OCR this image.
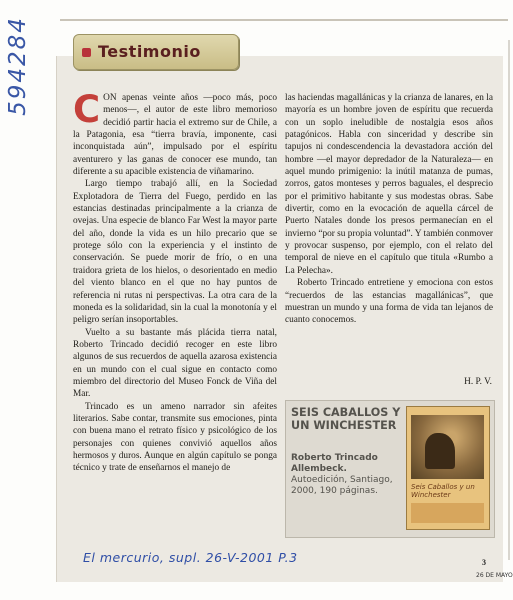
594284	Testimonio

CON apenas veinte años —poco más, poco menos—, el autor de este libro memorioso decidió partir hacia el extremo sur de Chile, a la Patagonia, esa “tierra bravía, imponente, casi inconquistada aún”, impulsado por el espíritu aventurero y las ganas de conocer ese mundo, tan diferente a su apacible existencia de viñamarino.

Largo tiempo trabajó allí, en la Sociedad Explotadora de Tierra del Fuego, perdido en las estancias destinadas principalmente a la crianza de ovejas. Una especie de blanco Far West la mayor parte del año, donde la vida es un hilo precario que se protege sólo con la experiencia y el instinto de conservación. Se puede morir de frío, o en una traidora grieta de los hielos, o desorientado en medio del viento blanco en el que no hay puntos de referencia ni rutas ni perspectivas. La otra cara de la moneda es la solidaridad, sin la cual la monotonía y el peligro serían insoportables.

Vuelto a su bastante más plácida tierra natal, Roberto Trincado decidió recoger en este libro algunos de sus recuerdos de aquella azarosa existencia en un mundo con el cual sigue en contacto como miembro del directorio del Museo Fonck de Viña del Mar.

Trincado es un ameno narrador sin afeites literarios. Sabe contar, transmite sus emociones, pinta con buena mano el retrato físico y psicológico de los personajes con quienes convivió aquellos años hermosos y duros. Aunque en algún capítulo se ponga técnico y trate de enseñarnos el manejo de

las haciendas magallánicas y la crianza de lanares, en la mayoría es un hombre joven de espíritu que recuerda con un soplo ineludible de nostalgia esos años patagónicos. Habla con sinceridad y describe sin tapujos ni condescendencia la devastadora acción del hombre —el mayor depredador de la Naturaleza— en aquel mundo primigenio: la inútil matanza de pumas, zorros, gatos monteses y perros baguales, el desprecio por el primitivo habitante y sus modestas obras. Sabe divertir, como en la evocación de aquella cárcel de Puerto Natales donde los presos permanecían en el invierno “por su propia voluntad”. Y también conmover y provocar suspenso, por ejemplo, con el relato del temporal de nieve en el capítulo que titula «Rumbo a La Pelecha».

Roberto Trincado entretiene y emociona con estos “recuerdos de las estancias magallánicas”, que muestran un mundo y una forma de vida tan lejanos de cuanto conocemos.

H. P. V.
SEIS CABALLOS Y UN WINCHESTER
Roberto Trincado Allembeck.
Autoedición, Santiago, 2000, 190 páginas.	Seis Caballos y un Winchester
El mercurio, supl. 26-V-2001 P.3	3
26 DE MAYO
